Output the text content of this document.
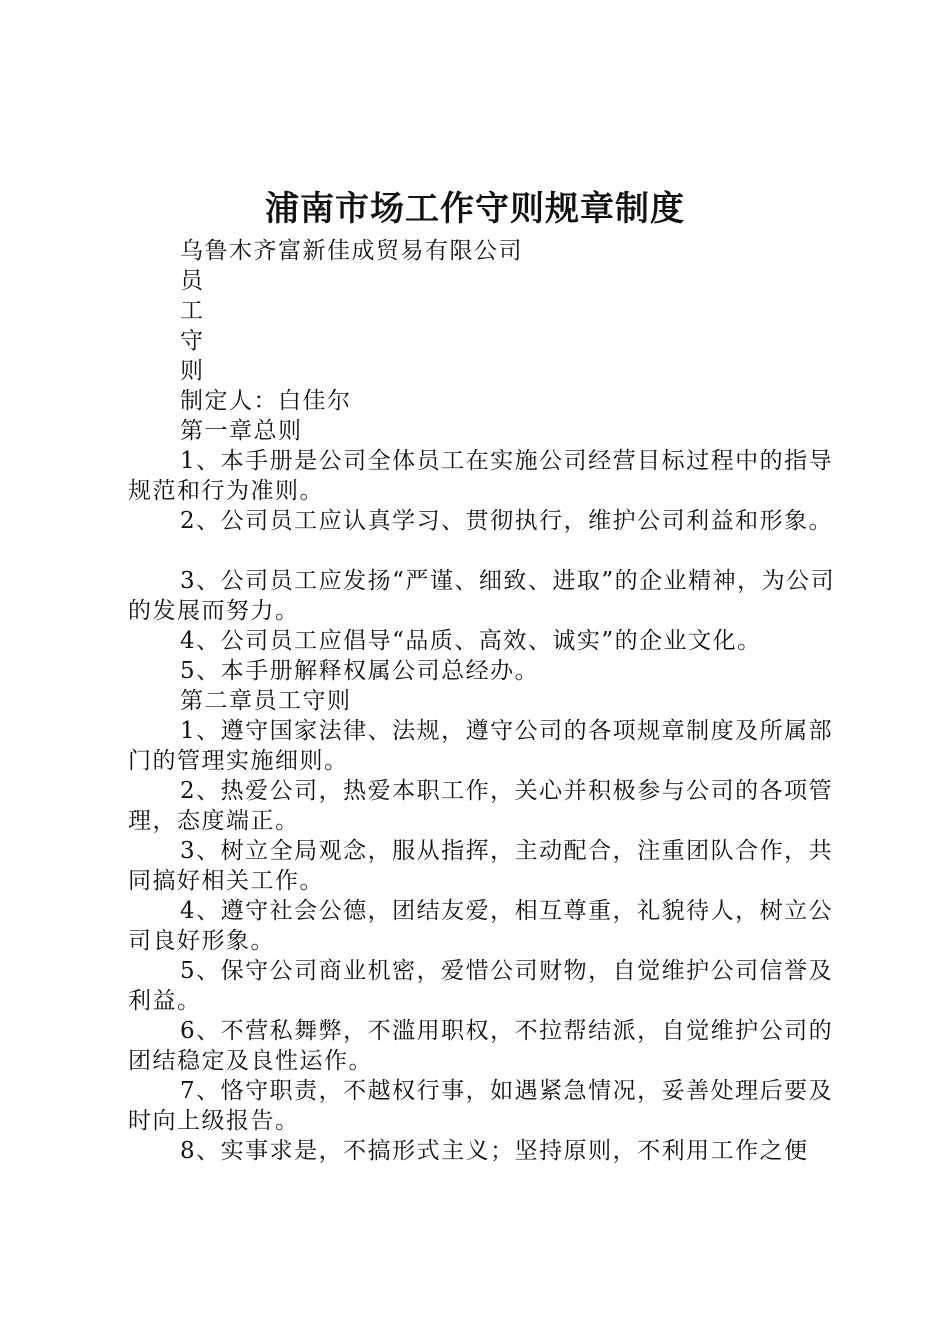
浦南市场工作守则规章制度
乌鲁木齐富新佳成贸易有限公司
员
工
守
则
制定人：白佳尔
第一章总则

1、本手册是公司全体员工在实施公司经营目标过程中的指导规范和行为准则。

2、公司员工应认真学习、贯彻执行，维护公司利益和形象。

3、公司员工应发扬“严谨、细致、进取”的企业精神，为公司的发展而努力。

4、公司员工应倡导“品质、高效、诚实”的企业文化。

5、本手册解释权属公司总经办。

第二章员工守则

1、遵守国家法律、法规，遵守公司的各项规章制度及所属部门的管理实施细则。

2、热爱公司，热爱本职工作，关心并积极参与公司的各项管理，态度端正。

3、树立全局观念，服从指挥，主动配合，注重团队合作，共同搞好相关工作。

4、遵守社会公德，团结友爱，相互尊重，礼貌待人，树立公司良好形象。

5、保守公司商业机密，爱惜公司财物，自觉维护公司信誉及利益。

6、不营私舞弊，不滥用职权，不拉帮结派，自觉维护公司的团结稳定及良性运作。

7、恪守职责，不越权行事，如遇紧急情况，妥善处理后要及时向上级报告。

8、实事求是，不搞形式主义；坚持原则，不利用工作之便
